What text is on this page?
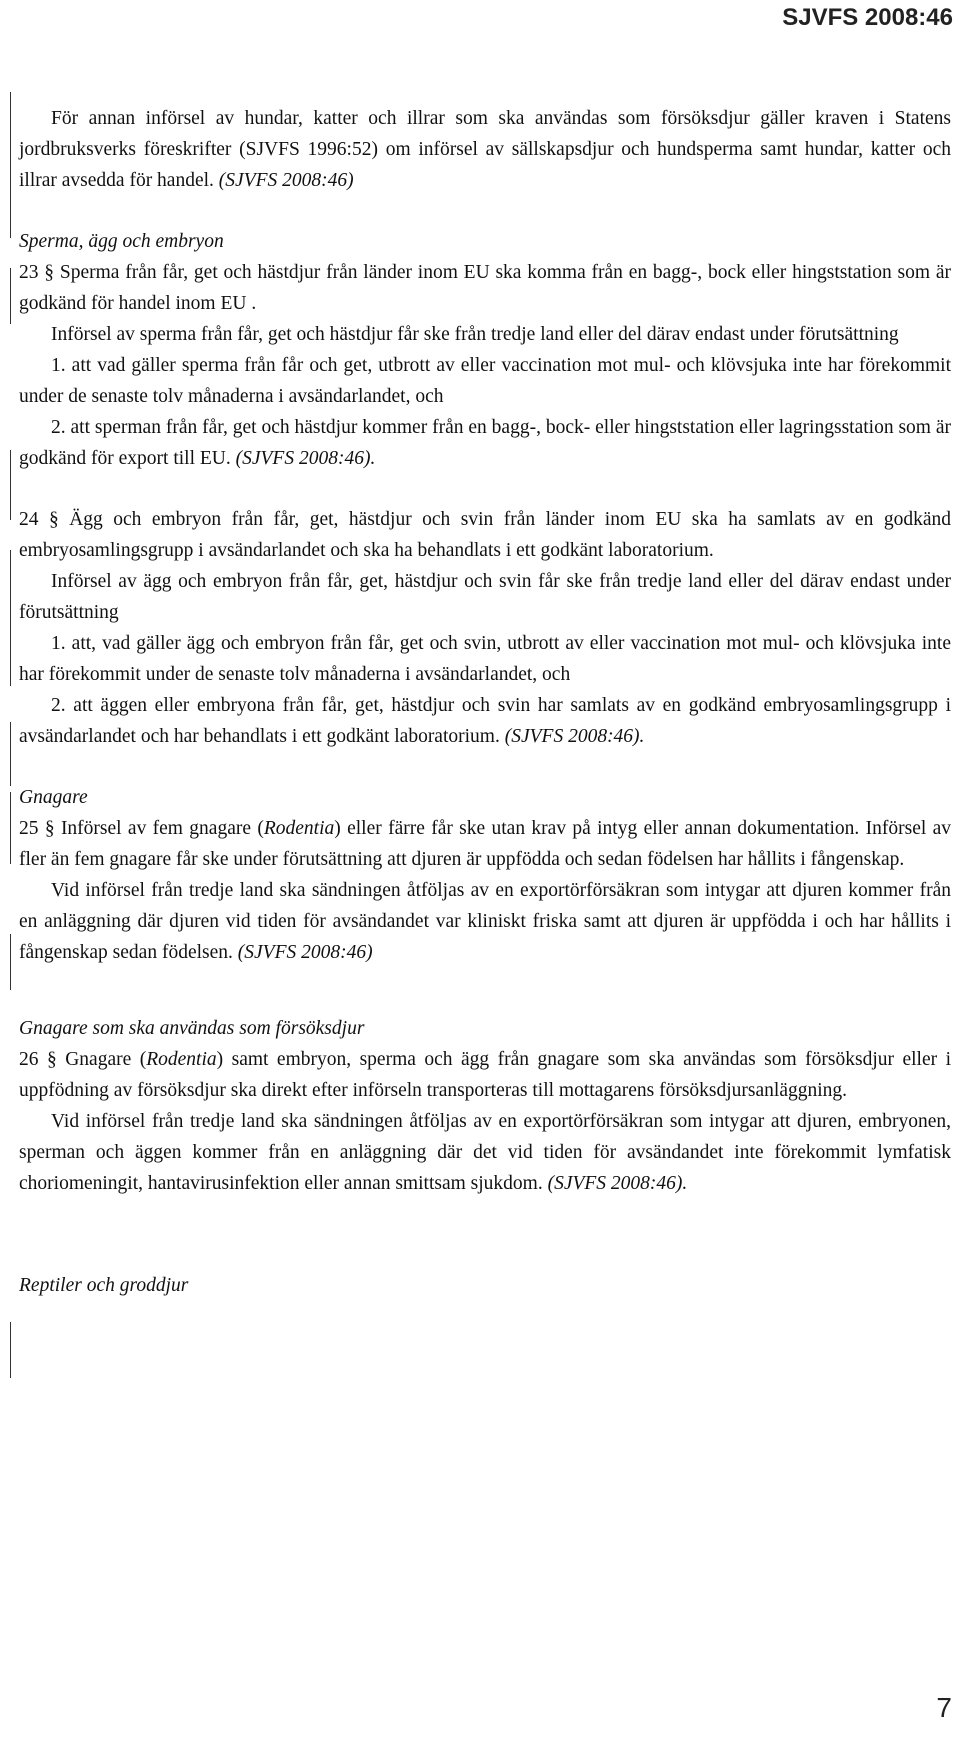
SJVFS 2008:46

För annan införsel av hundar, katter och illrar som ska användas som försöksdjur gäller kraven i Statens jordbruksverks föreskrifter (SJVFS 1996:52) om införsel av sällskapsdjur och hundsperma samt hundar, katter och illrar avsedda för handel. (SJVFS 2008:46)

Sperma, ägg och embryon

23 § Sperma från får, get och hästdjur från länder inom EU ska komma från en bagg-, bock eller hingststation som är godkänd för handel inom EU .

Införsel av sperma från får, get och hästdjur får ske från tredje land eller del därav endast under förutsättning

1. att vad gäller sperma från får och get, utbrott av eller vaccination mot mul- och klövsjuka inte har förekommit under de senaste tolv månaderna i avsändarlandet, och

2. att sperman från får, get och hästdjur kommer från en bagg-, bock- eller hingststation eller lagringsstation som är godkänd för export till EU. (SJVFS 2008:46).

24 § Ägg och embryon från får, get, hästdjur och svin från länder inom EU ska ha samlats av en godkänd embryosamlingsgrupp i avsändarlandet och ska ha behandlats i ett godkänt laboratorium.

Införsel av ägg och embryon från får, get, hästdjur och svin får ske från tredje land eller del därav endast under förutsättning

1. att, vad gäller ägg och embryon från får, get och svin, utbrott av eller vaccination mot mul- och klövsjuka inte har förekommit under de senaste tolv månaderna i avsändarlandet, och

2. att äggen eller embryona från får, get, hästdjur och svin har samlats av en godkänd embryosamlingsgrupp i avsändarlandet och har behandlats i ett godkänt laboratorium. (SJVFS 2008:46).

Gnagare

25 § Införsel av fem gnagare (Rodentia) eller färre får ske utan krav på intyg eller annan dokumentation. Införsel av fler än fem gnagare får ske under förutsättning att djuren är uppfödda och sedan födelsen har hållits i fångenskap.

Vid införsel från tredje land ska sändningen åtföljas av en exportörförsäkran som intygar att djuren kommer från en anläggning där djuren vid tiden för avsändandet var kliniskt friska samt att djuren är uppfödda i och har hållits i fångenskap sedan födelsen. (SJVFS 2008:46)

Gnagare som ska användas som försöksdjur

26 § Gnagare (Rodentia) samt embryon, sperma och ägg från gnagare som ska användas som försöksdjur eller i uppfödning av försöksdjur ska direkt efter införseln transporteras till mottagarens försöksdjursanläggning.

Vid införsel från tredje land ska sändningen åtföljas av en exportörförsäkran som intygar att djuren, embryonen, sperman och äggen kommer från en anläggning där det vid tiden för avsändandet inte förekommit lymfatisk choriomeningit, hantavirusinfektion eller annan smittsam sjukdom. (SJVFS 2008:46).

Reptiler och groddjur

7
